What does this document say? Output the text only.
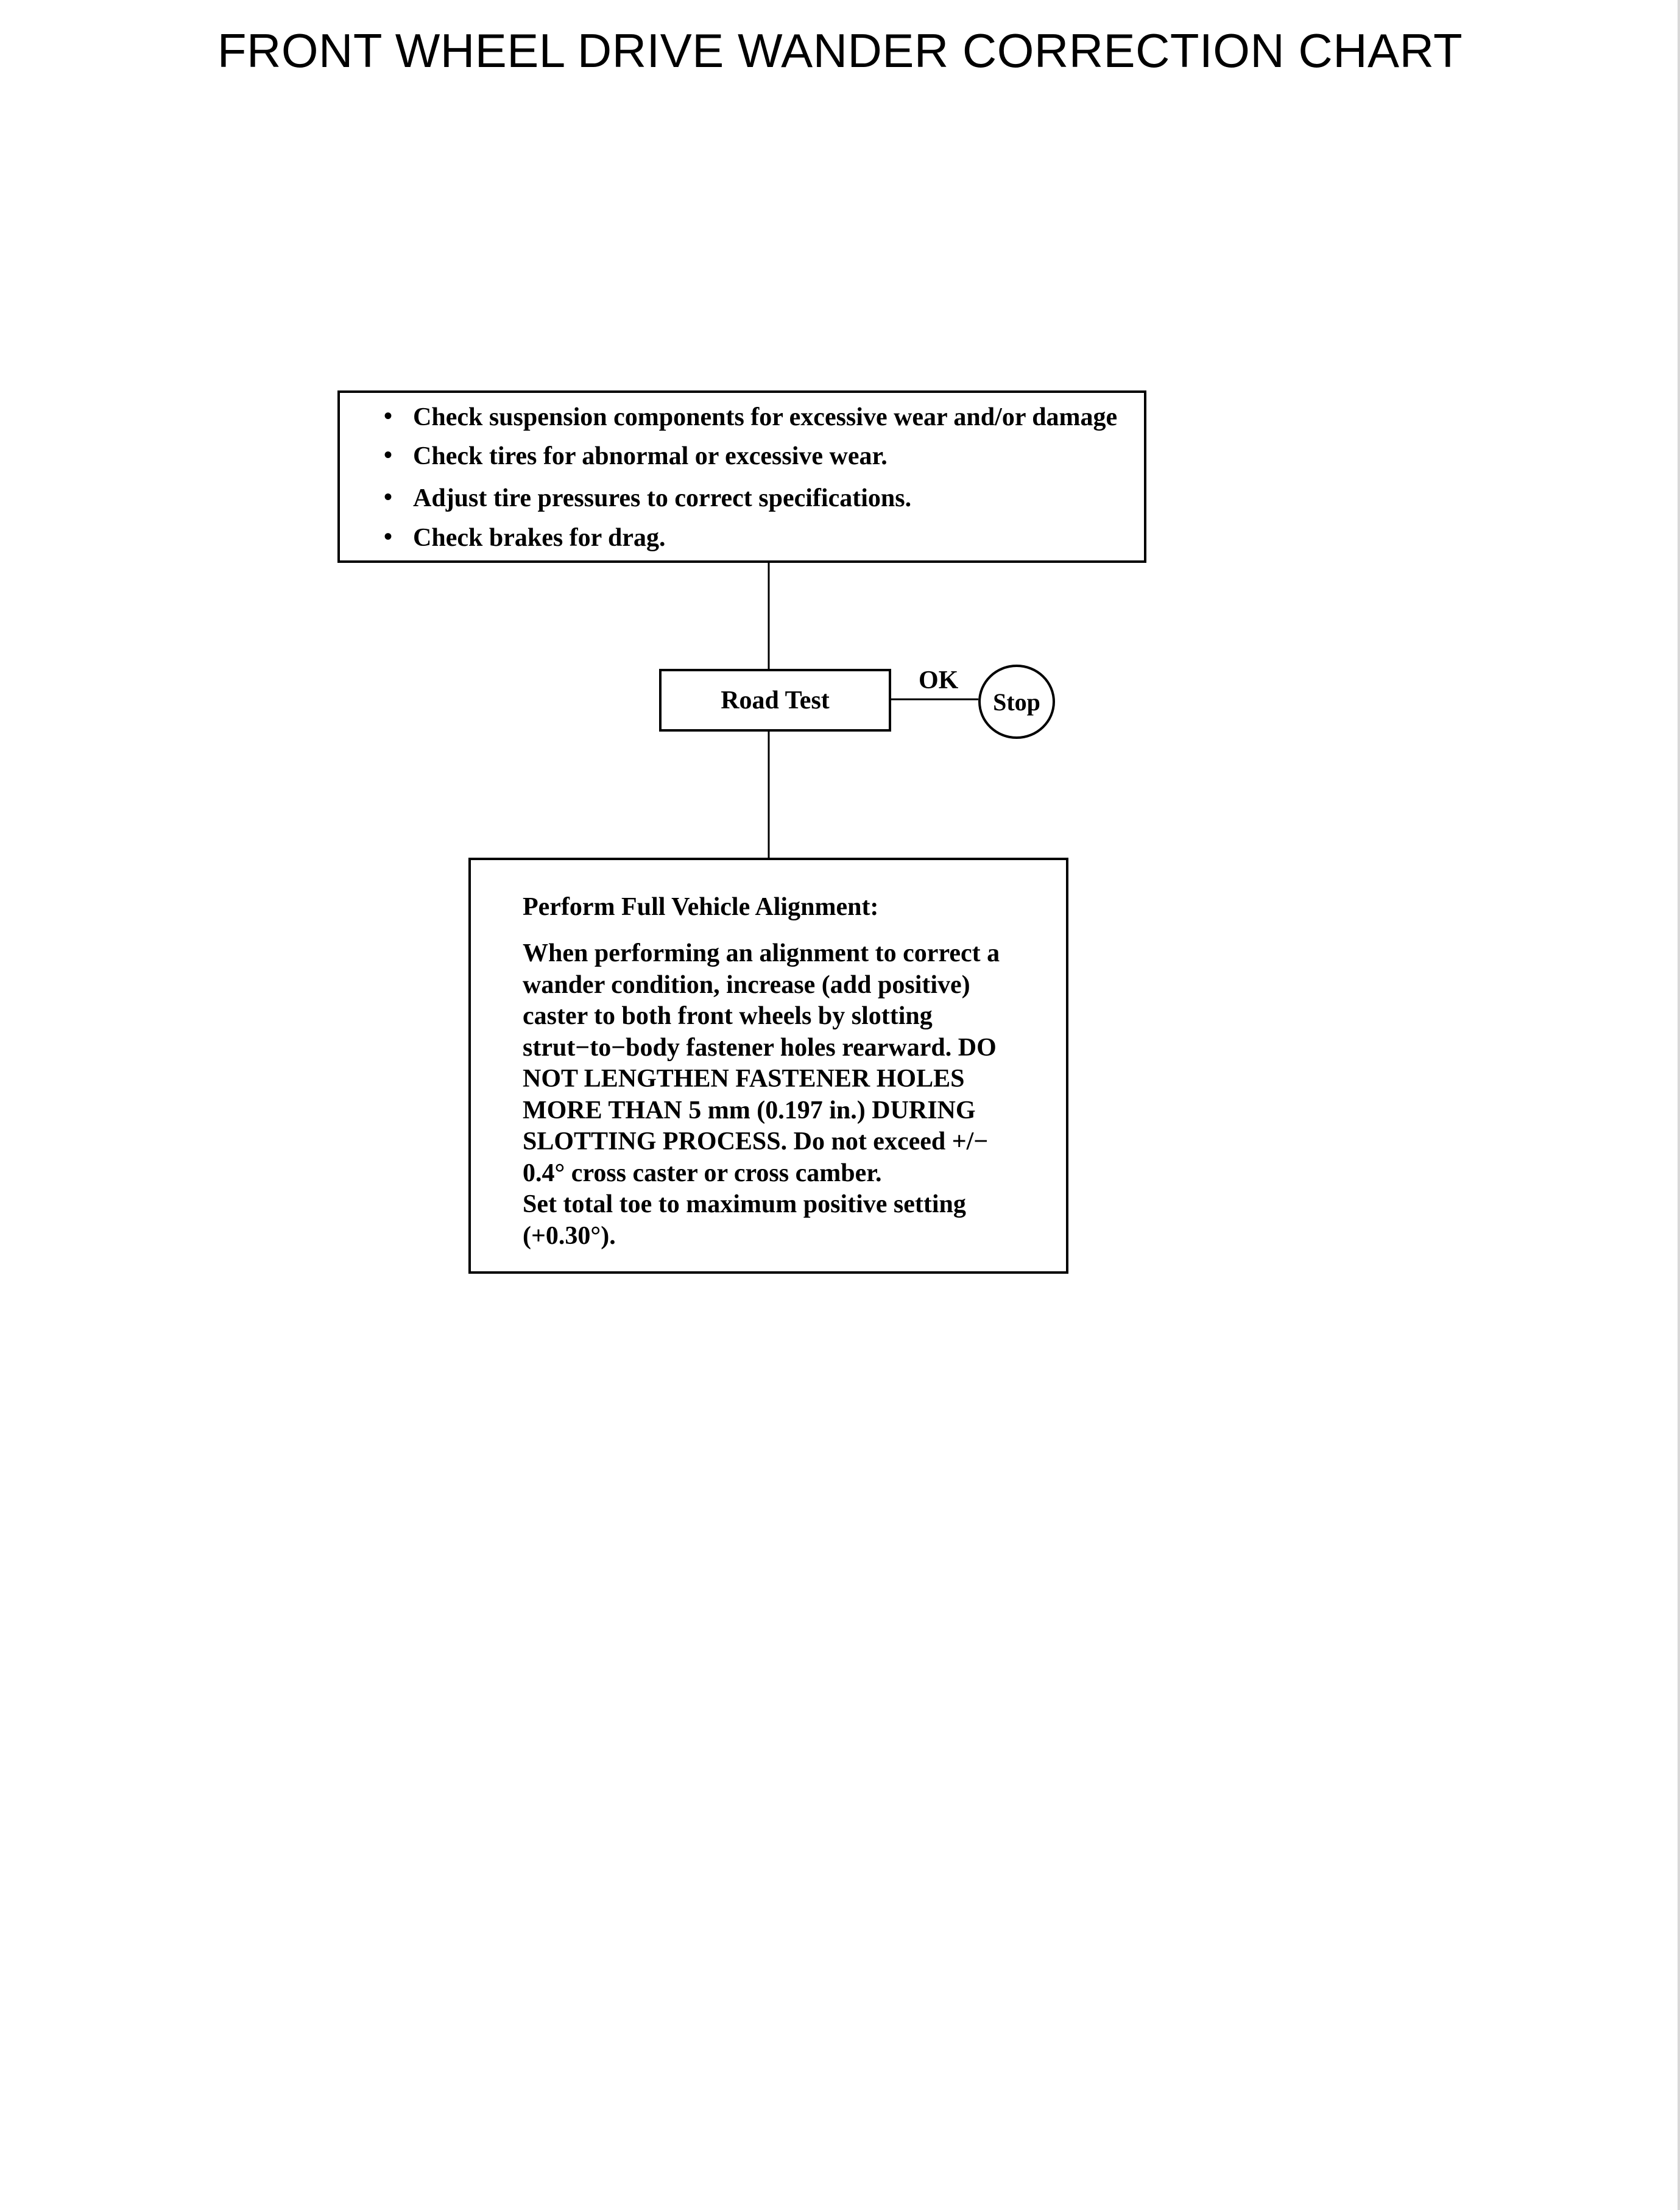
FRONT WHEEL DRIVE WANDER CORRECTION CHART
• Check suspension components for excessive wear and/or damage
• Check tires for abnormal or excessive wear.
• Adjust tire pressures to correct specifications.
• Check brakes for drag.
Road Test
OK
Stop
Perform Full Vehicle Alignment:
When performing an alignment to correct a
wander condition, increase (add positive)
caster to both front wheels by slotting
strut−to−body fastener holes rearward. DO
NOT LENGTHEN FASTENER HOLES
MORE THAN 5 mm (0.197 in.) DURING
SLOTTING PROCESS. Do not exceed +/−
0.4° cross caster or cross camber.
Set total toe to maximum positive setting
(+0.30°).
